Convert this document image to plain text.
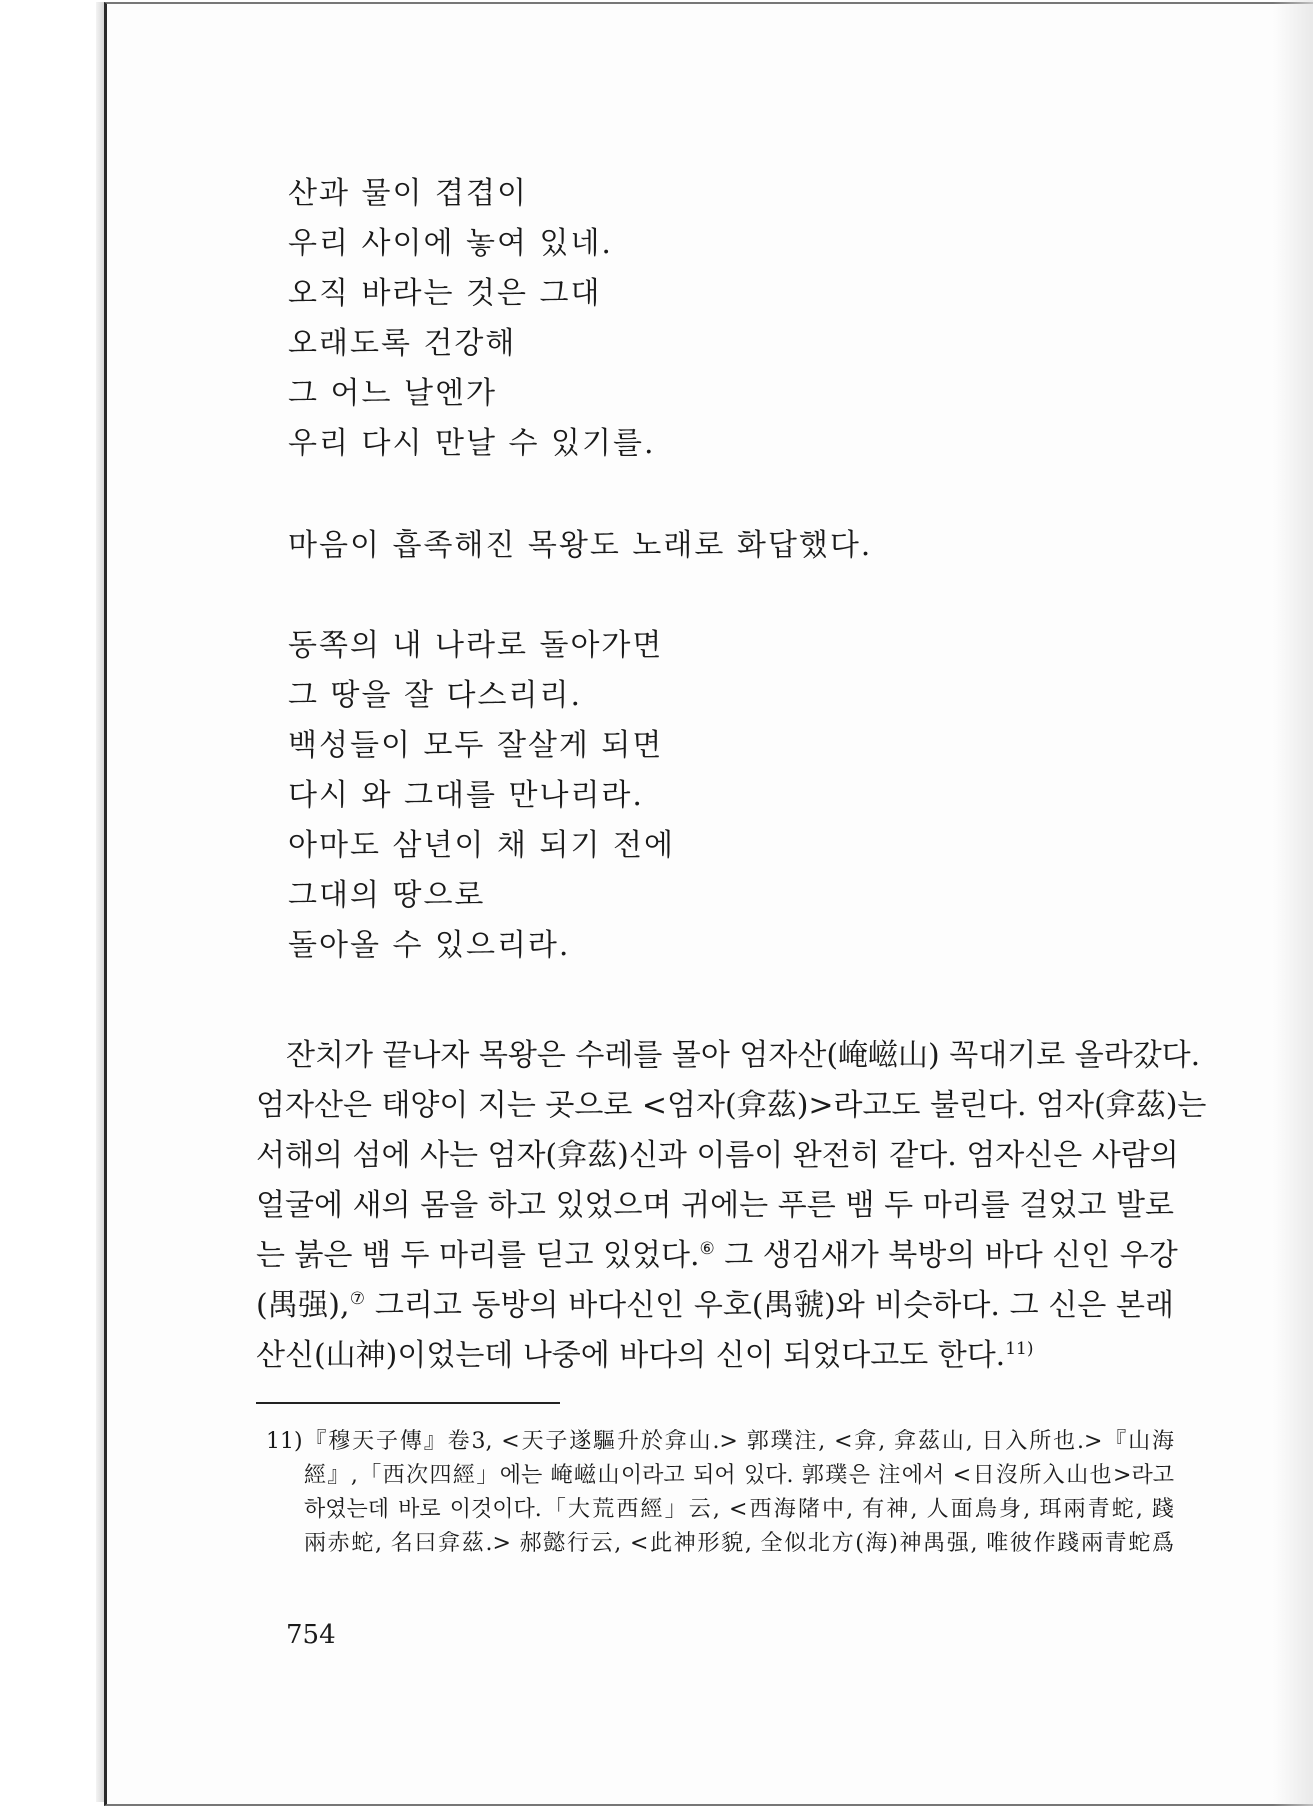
산과 물이 겹겹이
우리 사이에 놓여 있네.
오직 바라는 것은 그대
오래도록 건강해
그 어느 날엔가
우리 다시 만날 수 있기를.
마음이 흡족해진 목왕도 노래로 화답했다.
동쪽의 내 나라로 돌아가면
그 땅을 잘 다스리리.
백성들이 모두 잘살게 되면
다시 와 그대를 만나리라.
아마도 삼년이 채 되기 전에
그대의 땅으로
돌아올 수 있으리라.
잔치가 끝나자 목왕은 수레를 몰아 엄자산(崦嵫山) 꼭대기로 올라갔다.
엄자산은 태양이 지는 곳으로 <엄자(弇茲)>라고도 불린다. 엄자(弇茲)는
서해의 섬에 사는 엄자(弇茲)신과 이름이 완전히 같다. 엄자신은 사람의
얼굴에 새의 몸을 하고 있었으며 귀에는 푸른 뱀 두 마리를 걸었고 발로
는 붉은 뱀 두 마리를 딛고 있었다.⑥ 그 생김새가 북방의 바다 신인 우강
(禺强),⑦ 그리고 동방의 바다신인 우호(禺虢)와 비슷하다. 그 신은 본래
산신(山神)이었는데 나중에 바다의 신이 되었다고도 한다.$^{11)}$
11)『穆天子傳』卷3, <天子遂驅升於弇山.> 郭璞注, <弇, 弇茲山, 日入所也.>『山海
經』,「西次四經」에는 崦嵫山이라고 되어 있다. 郭璞은 注에서 <日沒所入山也>라고
하였는데 바로 이것이다.「大荒西經」云, <西海陼中, 有神, 人面鳥身, 珥兩青蛇, 踐
兩赤蛇, 名曰弇茲.> 郝懿行云, <此神形貌, 全似北方(海)神禺强, 唯彼作踐兩青蛇爲
754
